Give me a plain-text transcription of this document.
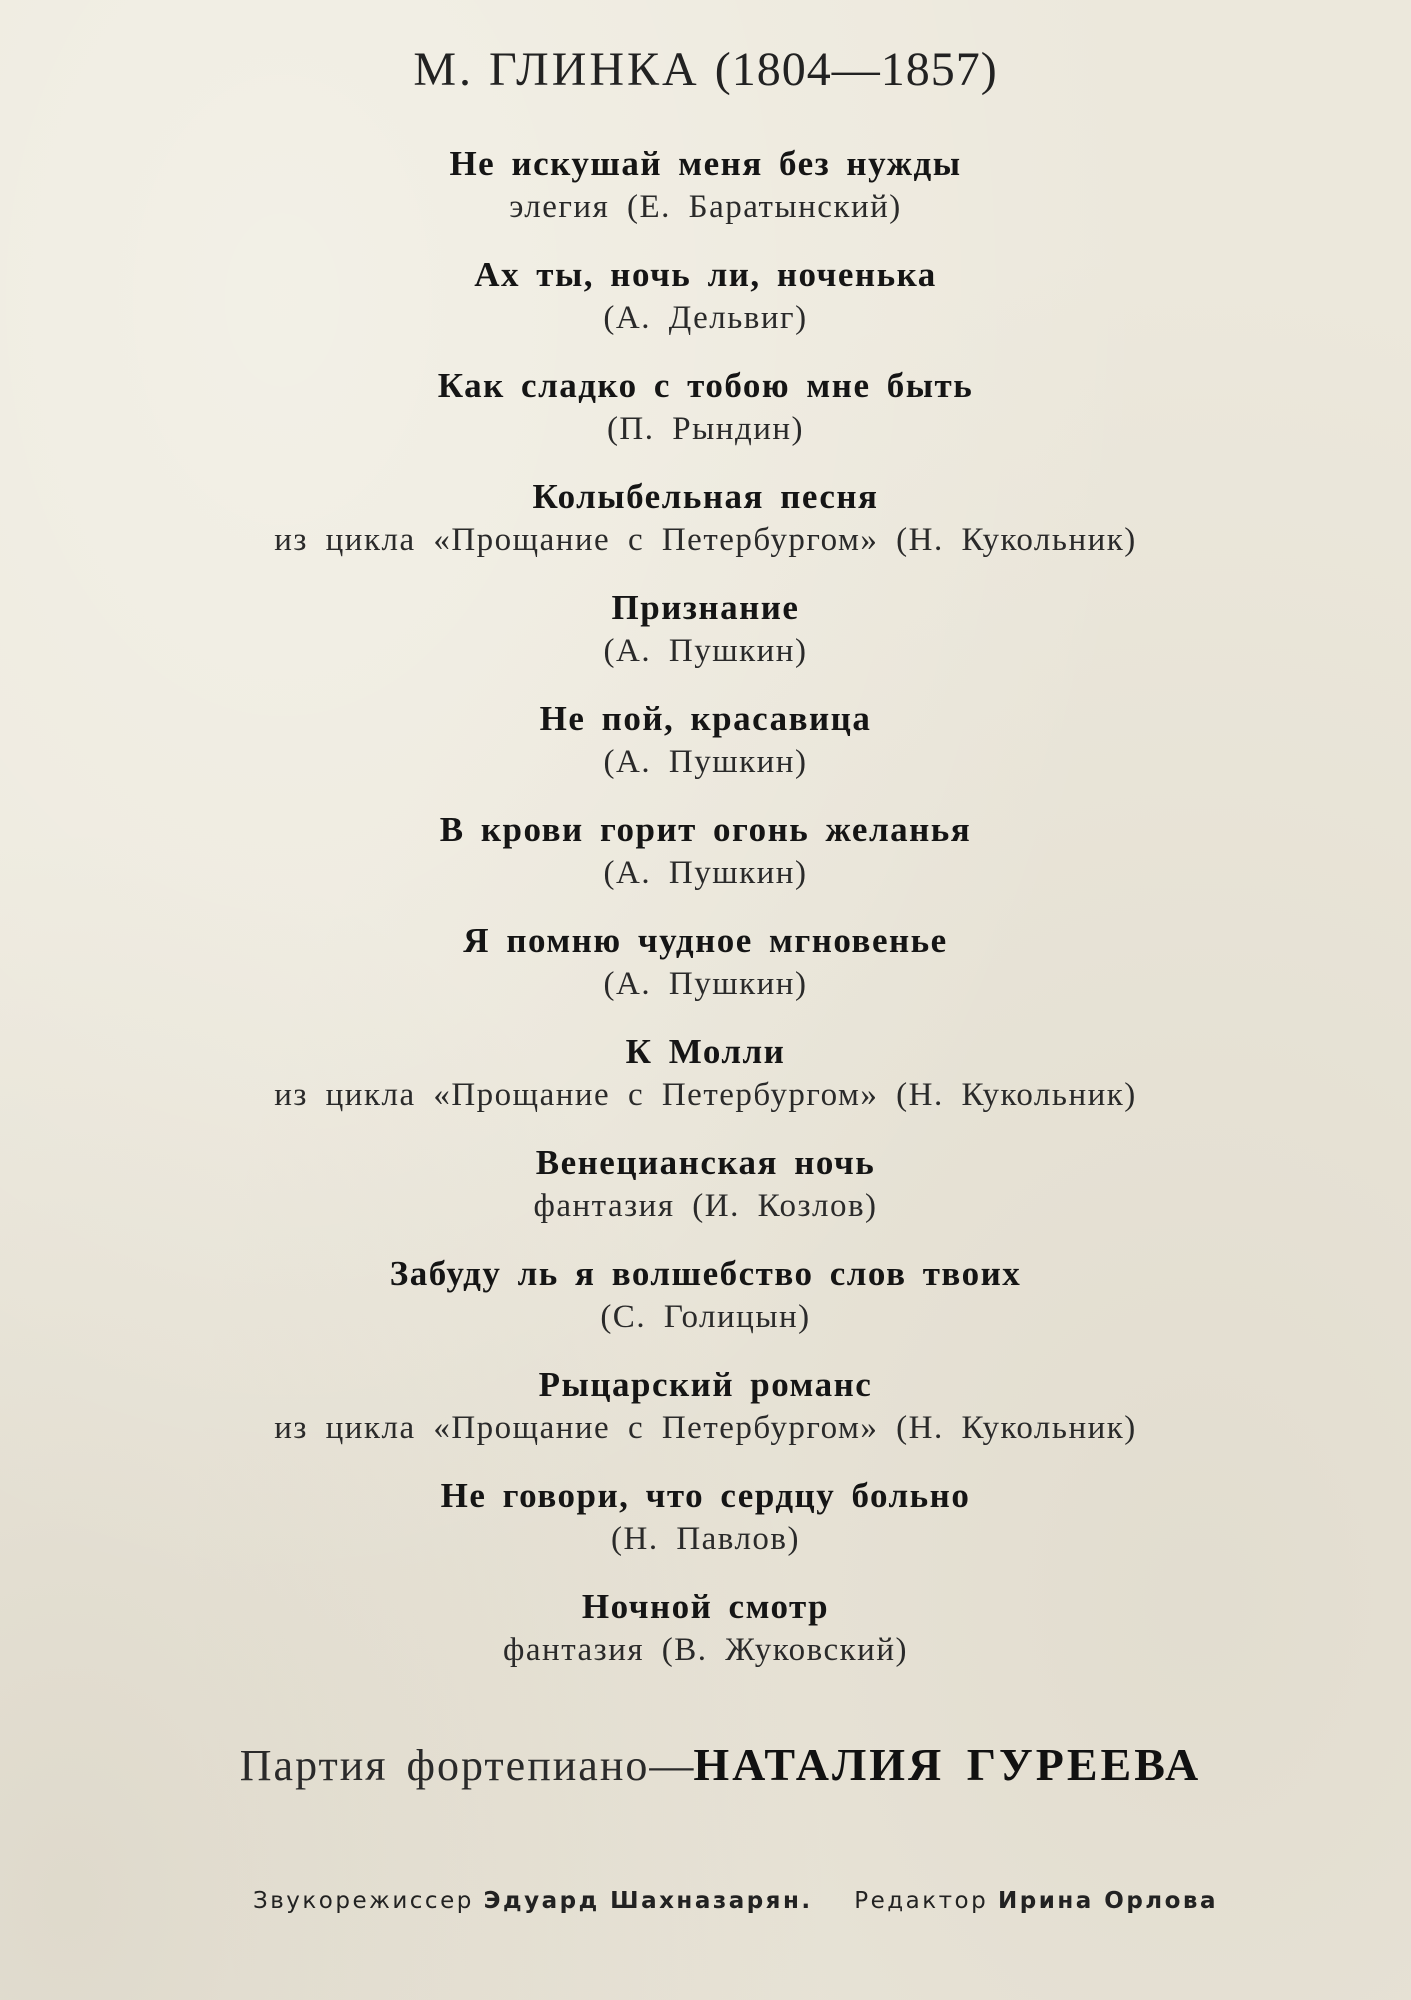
М. ГЛИНКА (1804—1857)
Не искушай меня без нужды
элегия (Е. Баратынский)
Ах ты, ночь ли, ноченька
(А. Дельвиг)
Как сладко с тобою мне быть
(П. Рындин)
Колыбельная песня
из цикла «Прощание с Петербургом» (Н. Кукольник)
Признание
(А. Пушкин)
Не пой, красавица
(А. Пушкин)
В крови горит огонь желанья
(А. Пушкин)
Я помню чудное мгновенье
(А. Пушкин)
К Молли
из цикла «Прощание с Петербургом» (Н. Кукольник)
Венецианская ночь
фантазия (И. Козлов)
Забуду ль я волшебство слов твоих
(С. Голицын)
Рыцарский романс
из цикла «Прощание с Петербургом» (Н. Кукольник)
Не говори, что сердцу больно
(Н. Павлов)
Ночной смотр
фантазия (В. Жуковский)
Партия фортепиано—НАТАЛИЯ ГУРЕЕВА
Звукорежиссер Эдуард Шахназарян. Редактор Ирина Орлова
